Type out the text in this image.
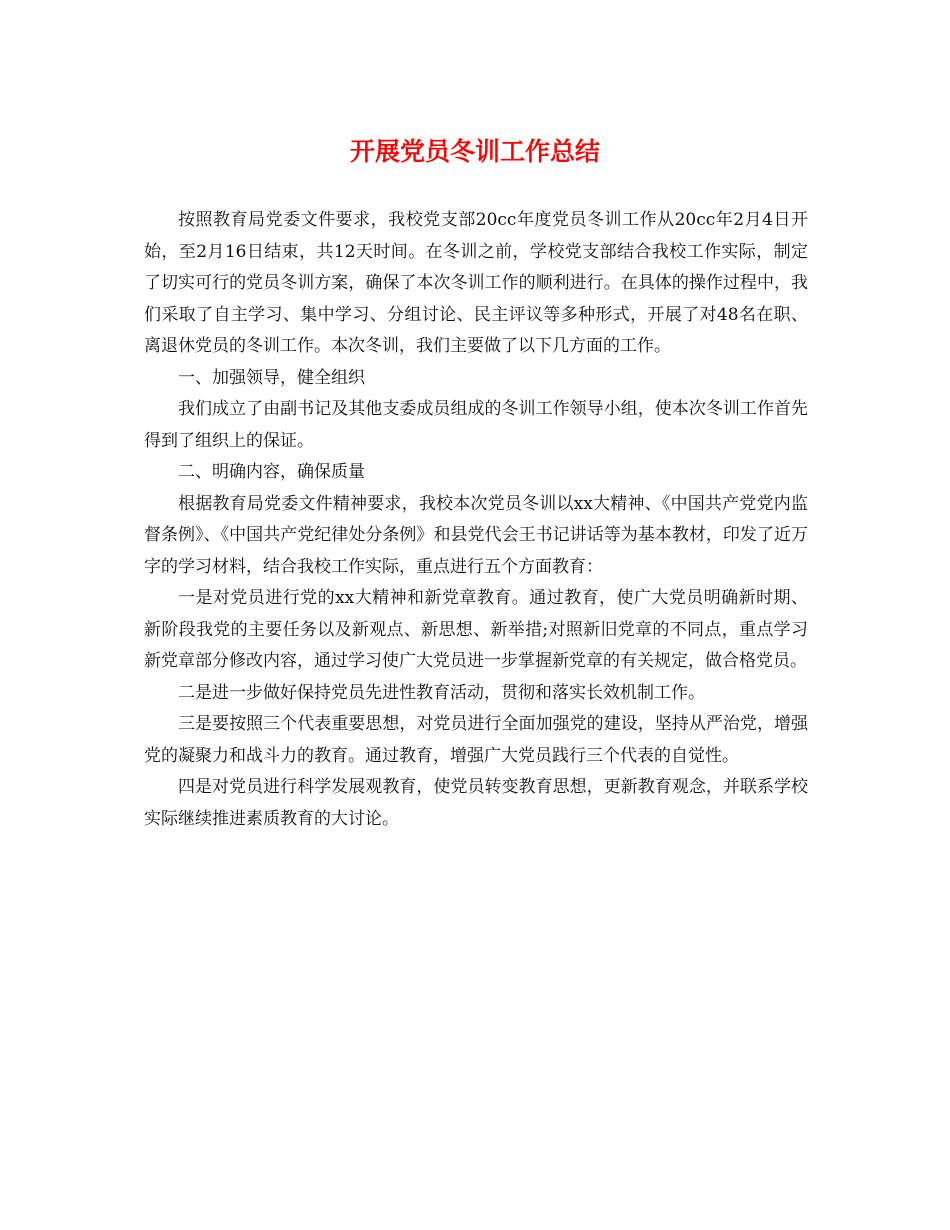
开展党员冬训工作总结

按照教育局党委文件要求，我校党支部20cc年度党员冬训工作从20cc年2月4日开始，至2月16日结束，共12天时间。在冬训之前，学校党支部结合我校工作实际，制定了切实可行的党员冬训方案，确保了本次冬训工作的顺利进行。在具体的操作过程中，我们采取了自主学习、集中学习、分组讨论、民主评议等多种形式，开展了对48名在职、离退休党员的冬训工作。本次冬训，我们主要做了以下几方面的工作。

一、加强领导，健全组织

我们成立了由副书记及其他支委成员组成的冬训工作领导小组，使本次冬训工作首先得到了组织上的保证。

二、明确内容，确保质量

根据教育局党委文件精神要求，我校本次党员冬训以xx大精神、《中国共产党党内监督条例》、《中国共产党纪律处分条例》和县党代会王书记讲话等为基本教材，印发了近万字的学习材料，结合我校工作实际，重点进行五个方面教育：

一是对党员进行党的xx大精神和新党章教育。通过教育，使广大党员明确新时期、新阶段我党的主要任务以及新观点、新思想、新举措;对照新旧党章的不同点，重点学习新党章部分修改内容，通过学习使广大党员进一步掌握新党章的有关规定，做合格党员。

二是进一步做好保持党员先进性教育活动，贯彻和落实长效机制工作。

三是要按照三个代表重要思想，对党员进行全面加强党的建设，坚持从严治党，增强党的凝聚力和战斗力的教育。通过教育，增强广大党员践行三个代表的自觉性。

四是对党员进行科学发展观教育，使党员转变教育思想，更新教育观念，并联系学校实际继续推进素质教育的大讨论。
